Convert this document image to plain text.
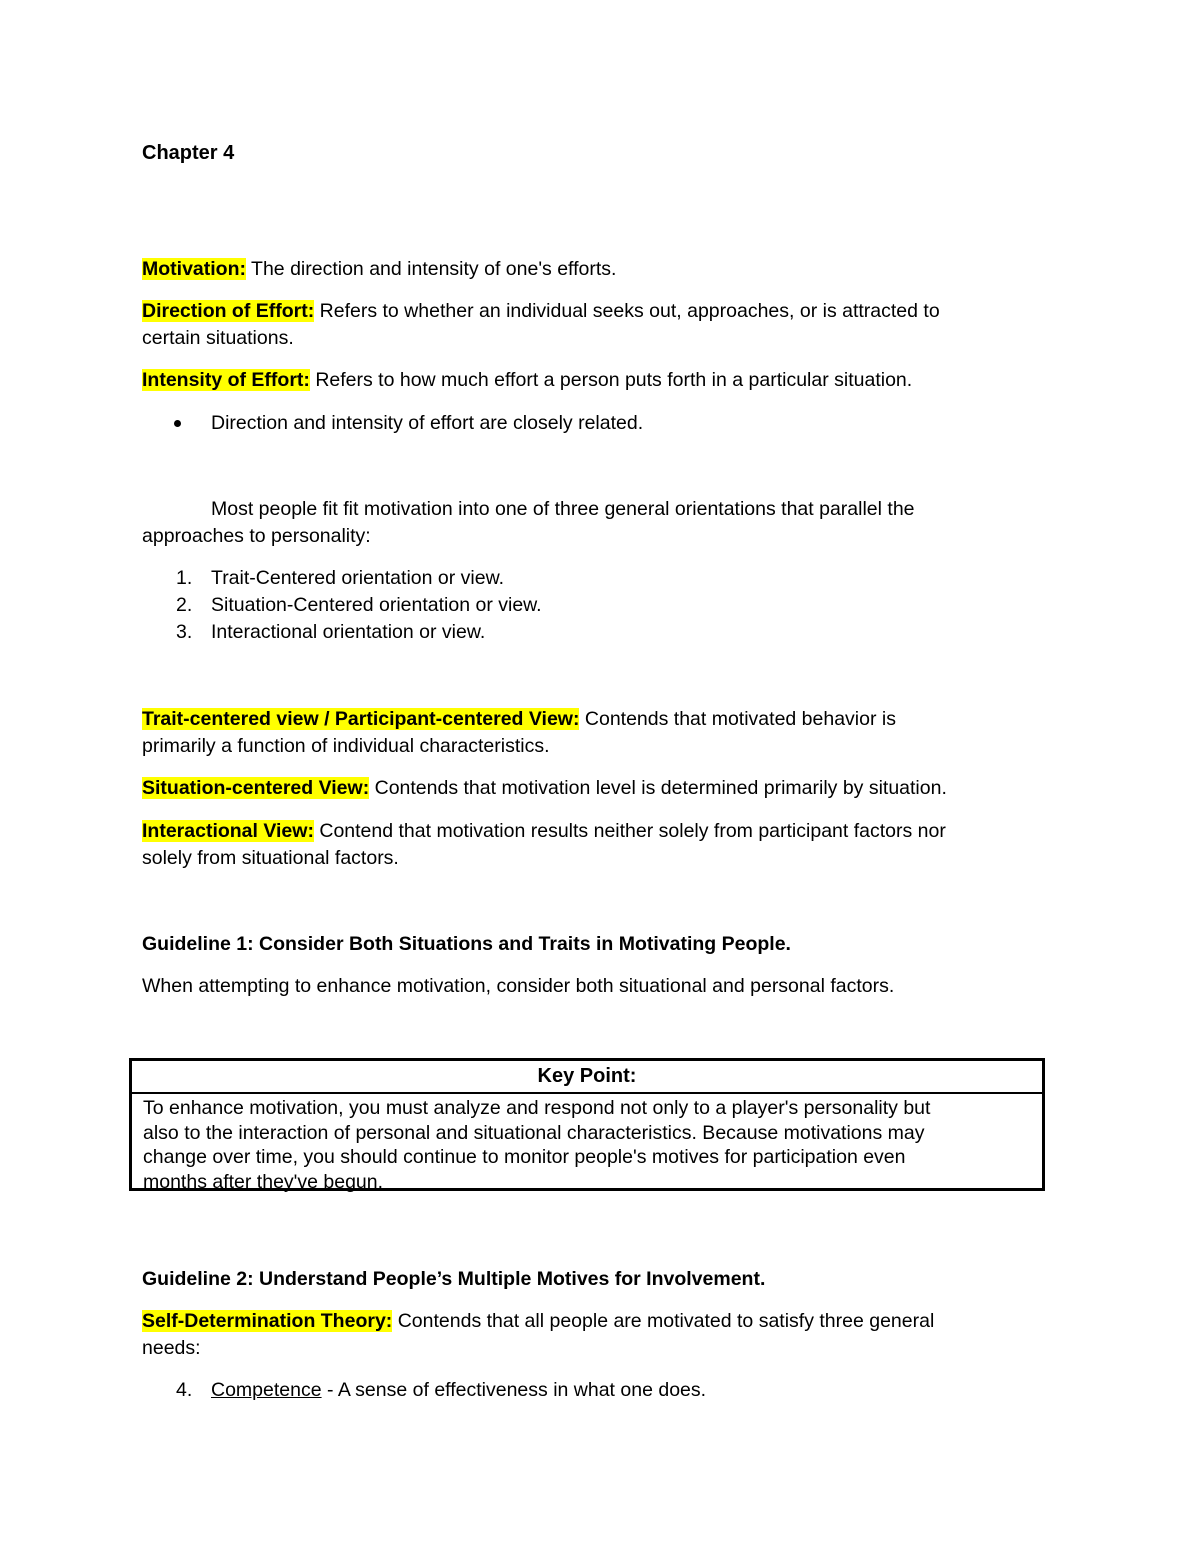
Chapter 4
Motivation: The direction and intensity of one's efforts.
Direction of Effort: Refers to whether an individual seeks out, approaches, or is attracted to
certain situations.
Intensity of Effort: Refers to how much effort a person puts forth in a particular situation.
Direction and intensity of effort are closely related.
Most people fit fit motivation into one of three general orientations that parallel the
approaches to personality:
1. Trait-Centered orientation or view.
2. Situation-Centered orientation or view.
3. Interactional orientation or view.
Trait-centered view / Participant-centered View: Contends that motivated behavior is
primarily a function of individual characteristics.
Situation-centered View: Contends that motivation level is determined primarily by situation.
Interactional View: Contend that motivation results neither solely from participant factors nor
solely from situational factors.
Guideline 1: Consider Both Situations and Traits in Motivating People.
When attempting to enhance motivation, consider both situational and personal factors.
Key Point:
To enhance motivation, you must analyze and respond not only to a player's personality but
also to the interaction of personal and situational characteristics. Because motivations may
change over time, you should continue to monitor people's motives for participation even
months after they've begun.
Guideline 2: Understand People’s Multiple Motives for Involvement.
Self-Determination Theory: Contends that all people are motivated to satisfy three general
needs:
4. Competence - A sense of effectiveness in what one does.
